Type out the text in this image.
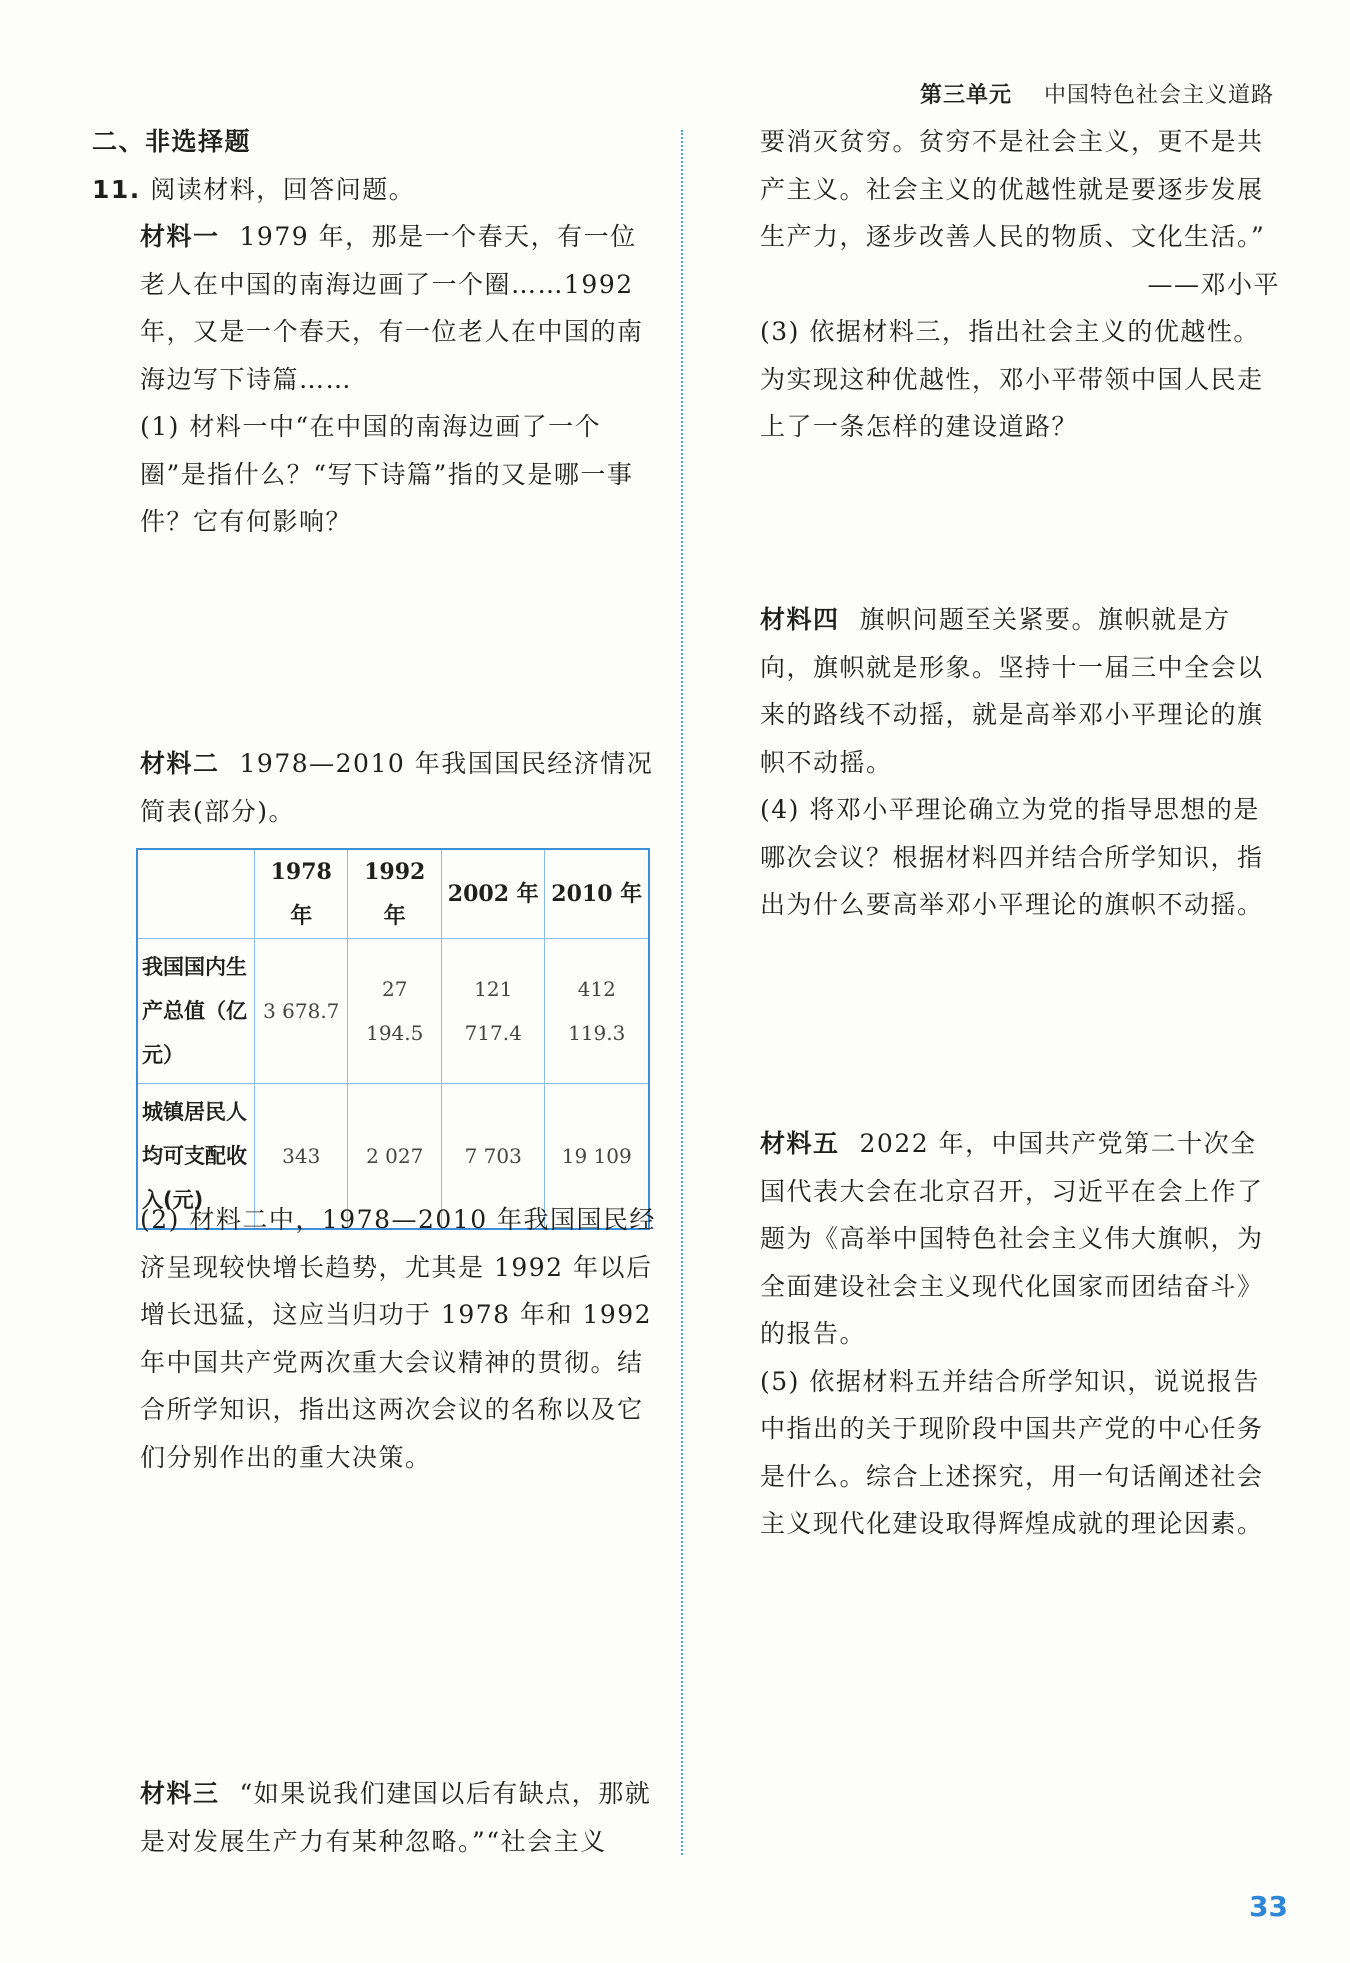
第三单元 中国特色社会主义道路

二、非选择题

11. 阅读材料，回答问题。

材料一 1979 年，那是一个春天，有一位老人在中国的南海边画了一个圈……1992 年，又是一个春天，有一位老人在中国的南海边写下诗篇……

(1) 材料一中“在中国的南海边画了一个圈”是指什么？“写下诗篇”指的又是哪一事件？它有何影响？

材料二 1978—2010 年我国国民经济情况简表(部分)。

	1978 年	1992 年	2002 年	2010 年
我国国内生产总值（亿元）	3 678.7	27 194.5	121 717.4	412 119.3
城镇居民人均可支配收入(元)	343	2 027	7 703	19 109

(2) 材料二中，1978—2010 年我国国民经济呈现较快增长趋势，尤其是 1992 年以后增长迅猛，这应当归功于 1978 年和 1992 年中国共产党两次重大会议精神的贯彻。结合所学知识，指出这两次会议的名称以及它们分别作出的重大决策。

材料三 “如果说我们建国以后有缺点，那就是对发展生产力有某种忽略。”“社会主义

要消灭贫穷。贫穷不是社会主义，更不是共产主义。社会主义的优越性就是要逐步发展生产力，逐步改善人民的物质、文化生活。”

——邓小平

(3) 依据材料三，指出社会主义的优越性。为实现这种优越性，邓小平带领中国人民走上了一条怎样的建设道路？

材料四 旗帜问题至关紧要。旗帜就是方向，旗帜就是形象。坚持十一届三中全会以来的路线不动摇，就是高举邓小平理论的旗帜不动摇。

(4) 将邓小平理论确立为党的指导思想的是哪次会议？根据材料四并结合所学知识，指出为什么要高举邓小平理论的旗帜不动摇。

材料五 2022 年，中国共产党第二十次全国代表大会在北京召开，习近平在会上作了题为《高举中国特色社会主义伟大旗帜，为全面建设社会主义现代化国家而团结奋斗》的报告。

(5) 依据材料五并结合所学知识，说说报告中指出的关于现阶段中国共产党的中心任务是什么。综合上述探究，用一句话阐述社会主义现代化建设取得辉煌成就的理论因素。

33
